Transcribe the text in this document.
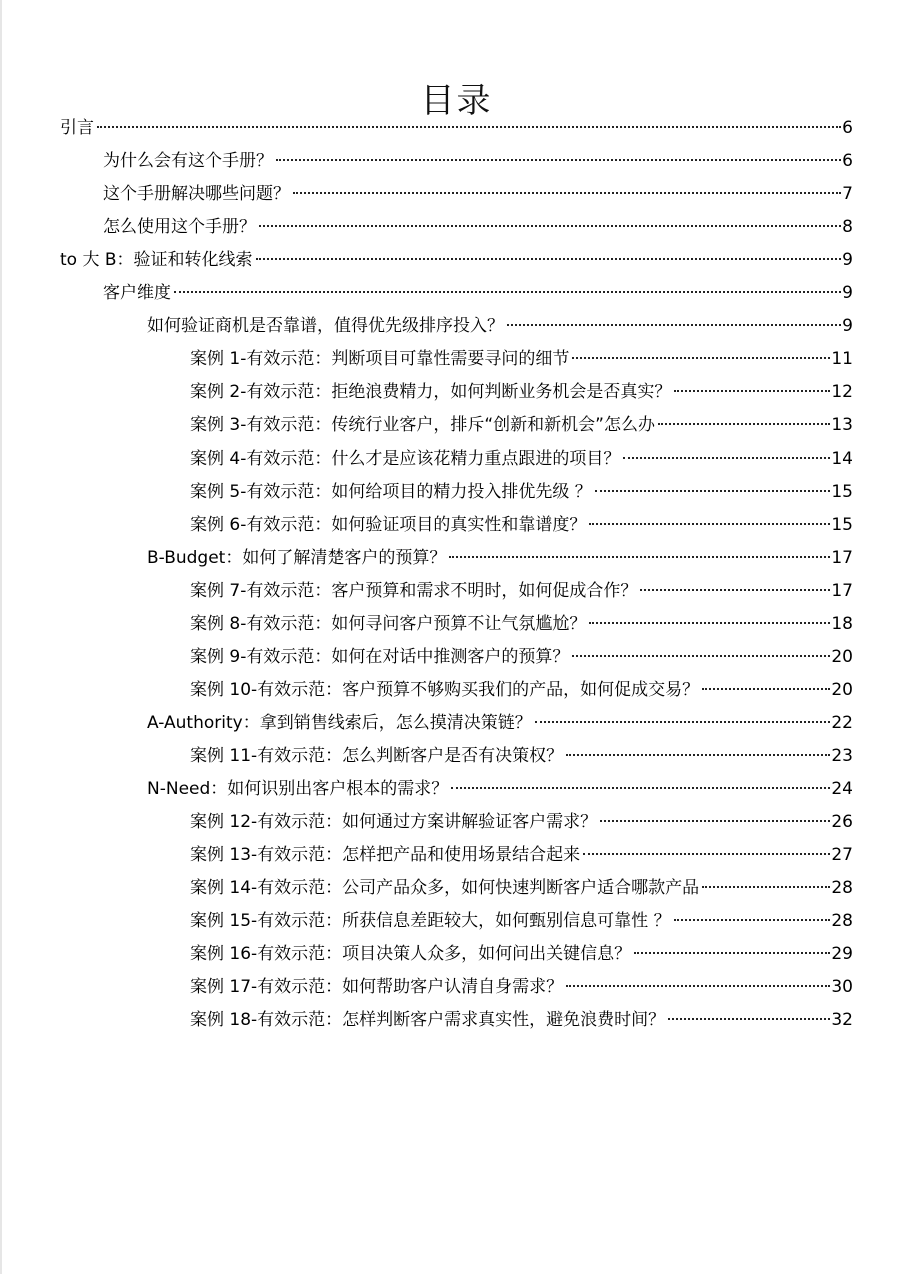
目录
引言	6
为什么会有这个手册？	6
这个手册解决哪些问题？	7
怎么使用这个手册？	8
to 大 B：验证和转化线索	9
客户维度	9
如何验证商机是否靠谱，值得优先级排序投入？	9
案例 1-有效示范：判断项目可靠性需要寻问的细节	11
案例 2-有效示范：拒绝浪费精力，如何判断业务机会是否真实？	12
案例 3-有效示范：传统行业客户，排斥“创新和新机会”怎么办	13
案例 4-有效示范：什么才是应该花精力重点跟进的项目？	14
案例 5-有效示范：如何给项目的精力投入排优先级 ？	15
案例 6-有效示范：如何验证项目的真实性和靠谱度？	15
B-Budget：如何了解清楚客户的预算？	17
案例 7-有效示范：客户预算和需求不明时，如何促成合作？	17
案例 8-有效示范：如何寻问客户预算不让气氛尴尬？	18
案例 9-有效示范：如何在对话中推测客户的预算？	20
案例 10-有效示范：客户预算不够购买我们的产品，如何促成交易？	20
A-Authority：拿到销售线索后，怎么摸清决策链？	22
案例 11-有效示范：怎么判断客户是否有决策权？	23
N-Need：如何识别出客户根本的需求？	24
案例 12-有效示范：如何通过方案讲解验证客户需求？	26
案例 13-有效示范：怎样把产品和使用场景结合起来	27
案例 14-有效示范：公司产品众多，如何快速判断客户适合哪款产品	28
案例 15-有效示范：所获信息差距较大，如何甄别信息可靠性 ？	28
案例 16-有效示范：项目决策人众多，如何问出关键信息？	29
案例 17-有效示范：如何帮助客户认清自身需求？	30
案例 18-有效示范：怎样判断客户需求真实性，避免浪费时间？	32
